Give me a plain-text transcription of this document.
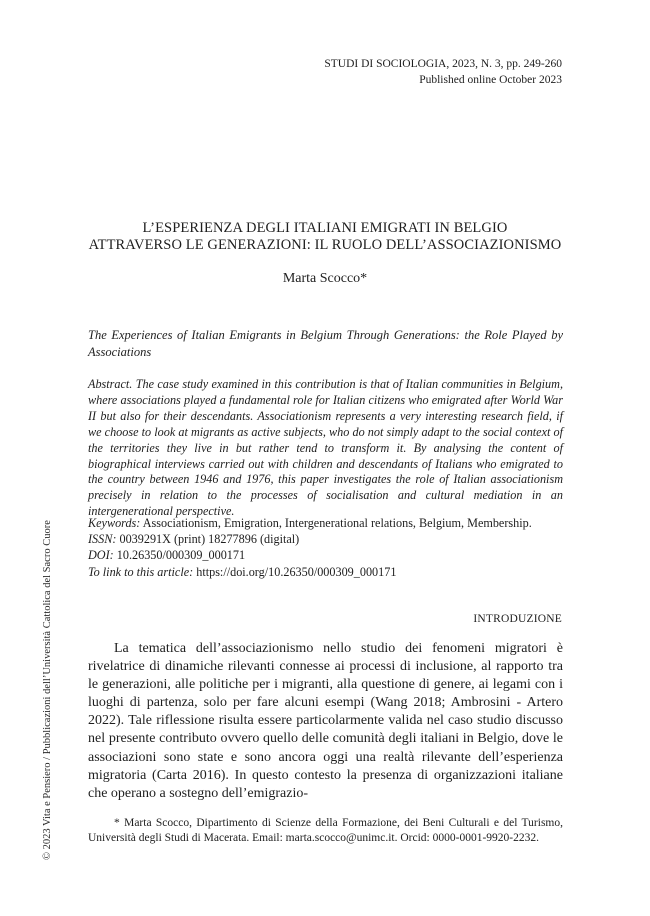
STUDI DI SOCIOLOGIA, 2023, N. 3, pp. 249-260
Published online October 2023
L’ESPERIENZA DEGLI ITALIANI EMIGRATI IN BELGIO
ATTRAVERSO LE GENERAZIONI: IL RUOLO DELL’ASSOCIAZIONISMO
Marta Scocco*
The Experiences of Italian Emigrants in Belgium Through Generations: the Role Played by Associations
Abstract. The case study examined in this contribution is that of Italian communities in Belgium, where associations played a fundamental role for Italian citizens who emigrated after World War II but also for their descendants. Associationism represents a very interesting research field, if we choose to look at migrants as active subjects, who do not simply adapt to the social context of the territories they live in but rather tend to transform it. By analysing the content of biographical interviews carried out with children and descendants of Italians who emigrated to the country between 1946 and 1976, this paper investigates the role of Italian associationism precisely in relation to the processes of socialisation and cultural mediation in an intergenerational perspective.
Keywords: Associationism, Emigration, Intergenerational relations, Belgium, Membership.
ISSN: 0039291X (print) 18277896 (digital)
DOI: 10.26350/000309_000171
To link to this article: https://doi.org/10.26350/000309_000171
INTRODUZIONE
La tematica dell’associazionismo nello studio dei fenomeni migratori è rivelatrice di dinamiche rilevanti connesse ai processi di inclusione, al rapporto tra le generazioni, alle politiche per i migranti, alla questione di genere, ai legami con i luoghi di partenza, solo per fare alcuni esempi (Wang 2018; Ambrosini - Artero 2022). Tale riflessione risulta essere particolarmente valida nel caso studio discusso nel presente contributo ovvero quello delle comunità degli italiani in Belgio, dove le associazioni sono state e sono ancora oggi una realtà rilevante dell’esperienza migratoria (Carta 2016). In questo contesto la presenza di organizzazioni italiane che operano a sostegno dell’emigrazio-
* Marta Scocco, Dipartimento di Scienze della Formazione, dei Beni Culturali e del Turismo, Università degli Studi di Macerata. Email: marta.scocco@unimc.it. Orcid: 0000-0001-9920-2232.
© 2023 Vita e Pensiero / Pubblicazioni dell’Università Cattolica del Sacro Cuore
